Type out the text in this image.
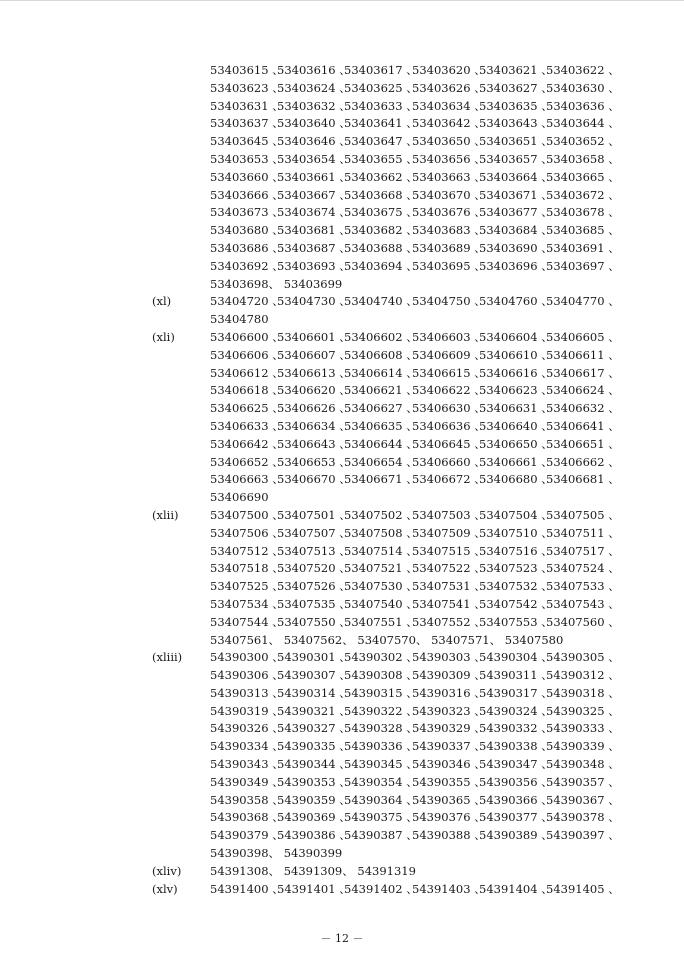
53403615 、
53403616 、
53403617 、
53403620 、
53403621 、
53403622 、
53403623 、
53403624 、
53403625 、
53403626 、
53403627 、
53403630 、
53403631 、
53403632 、
53403633 、
53403634 、
53403635 、
53403636 、
53403637 、
53403640 、
53403641 、
53403642 、
53403643 、
53403644 、
53403645 、
53403646 、
53403647 、
53403650 、
53403651 、
53403652 、
53403653 、
53403654 、
53403655 、
53403656 、
53403657 、
53403658 、
53403660 、
53403661 、
53403662 、
53403663 、
53403664 、
53403665 、
53403666 、
53403667 、
53403668 、
53403670 、
53403671 、
53403672 、
53403673 、
53403674 、
53403675 、
53403676 、
53403677 、
53403678 、
53403680 、
53403681 、
53403682 、
53403683 、
53403684 、
53403685 、
53403686 、
53403687 、
53403688 、
53403689 、
53403690 、
53403691 、
53403692 、
53403693 、
53403694 、
53403695 、
53403696 、
53403697 、
53403698、 53403699
(xl)	53404720 、
53404730 、
53404740 、
53404750 、
53404760 、
53404770 、
53404780
(xli)	53406600 、
53406601 、
53406602 、
53406603 、
53406604 、
53406605 、
53406606 、
53406607 、
53406608 、
53406609 、
53406610 、
53406611 、
53406612 、
53406613 、
53406614 、
53406615 、
53406616 、
53406617 、
53406618 、
53406620 、
53406621 、
53406622 、
53406623 、
53406624 、
53406625 、
53406626 、
53406627 、
53406630 、
53406631 、
53406632 、
53406633 、
53406634 、
53406635 、
53406636 、
53406640 、
53406641 、
53406642 、
53406643 、
53406644 、
53406645 、
53406650 、
53406651 、
53406652 、
53406653 、
53406654 、
53406660 、
53406661 、
53406662 、
53406663 、
53406670 、
53406671 、
53406672 、
53406680 、
53406681 、
53406690
(xlii)	53407500 、
53407501 、
53407502 、
53407503 、
53407504 、
53407505 、
53407506 、
53407507 、
53407508 、
53407509 、
53407510 、
53407511 、
53407512 、
53407513 、
53407514 、
53407515 、
53407516 、
53407517 、
53407518 、
53407520 、
53407521 、
53407522 、
53407523 、
53407524 、
53407525 、
53407526 、
53407530 、
53407531 、
53407532 、
53407533 、
53407534 、
53407535 、
53407540 、
53407541 、
53407542 、
53407543 、
53407544 、
53407550 、
53407551 、
53407552 、
53407553 、
53407560 、
53407561、 53407562、 53407570、 53407571、 53407580
(xliii)	54390300 、
54390301 、
54390302 、
54390303 、
54390304 、
54390305 、
54390306 、
54390307 、
54390308 、
54390309 、
54390311 、
54390312 、
54390313 、
54390314 、
54390315 、
54390316 、
54390317 、
54390318 、
54390319 、
54390321 、
54390322 、
54390323 、
54390324 、
54390325 、
54390326 、
54390327 、
54390328 、
54390329 、
54390332 、
54390333 、
54390334 、
54390335 、
54390336 、
54390337 、
54390338 、
54390339 、
54390343 、
54390344 、
54390345 、
54390346 、
54390347 、
54390348 、
54390349 、
54390353 、
54390354 、
54390355 、
54390356 、
54390357 、
54390358 、
54390359 、
54390364 、
54390365 、
54390366 、
54390367 、
54390368 、
54390369 、
54390375 、
54390376 、
54390377 、
54390378 、
54390379 、
54390386 、
54390387 、
54390388 、
54390389 、
54390397 、
54390398、 54390399
(xliv)	54391308、 54391309、 54391319
(xlv)	54391400 、
54391401 、
54391402 、
54391403 、
54391404 、
54391405 、
－ 12 －
